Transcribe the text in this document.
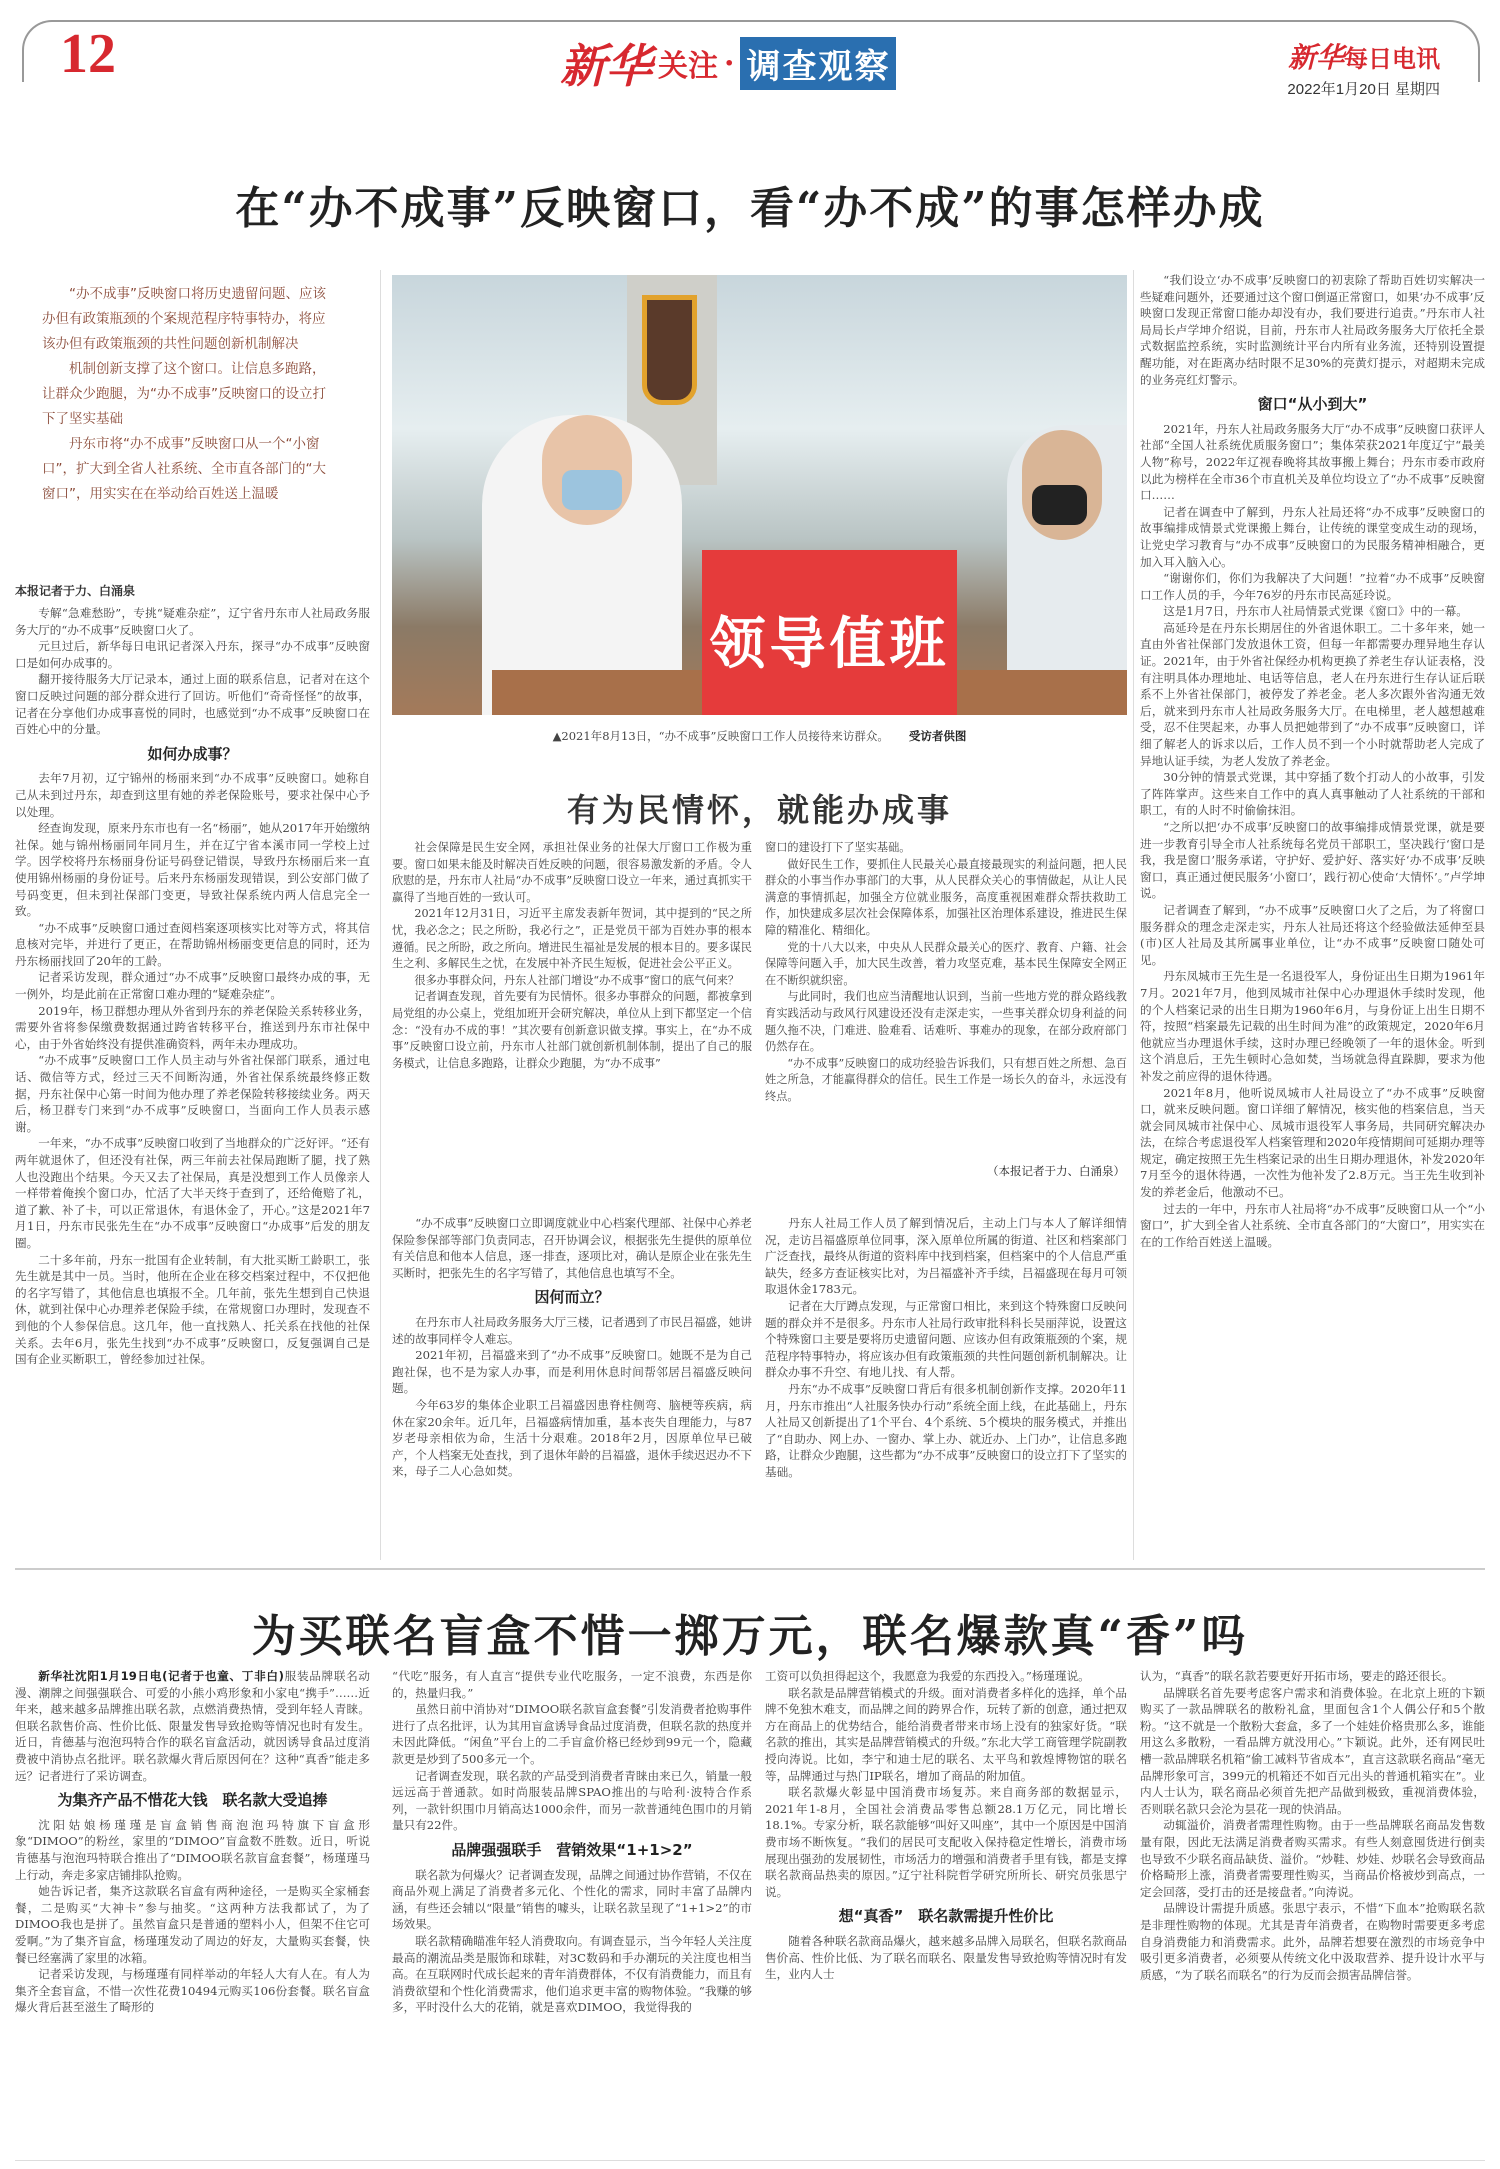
12	新华 关注 · 调查观察	新华每日电讯
2022年1月20日 星期四
在“办不成事”反映窗口，看“办不成”的事怎样办成

“办不成事”反映窗口将历史遗留问题、应该办但有政策瓶颈的个案规范程序特事特办，将应该办但有政策瓶颈的共性问题创新机制解决

机制创新支撑了这个窗口。让信息多跑路，让群众少跑腿，为“办不成事”反映窗口的设立打下了坚实基础

丹东市将“办不成事”反映窗口从一个“小窗口”，扩大到全省人社系统、全市直各部门的“大窗口”，用实实在在举动给百姓送上温暖

本报记者于力、白涌泉

专解“急难愁盼”，专挑“疑难杂症”，辽宁省丹东市人社局政务服务大厅的“办不成事”反映窗口火了。

元旦过后，新华每日电讯记者深入丹东，探寻“办不成事”反映窗口是如何办成事的。

翻开接待服务大厅记录本，通过上面的联系信息，记者对在这个窗口反映过问题的部分群众进行了回访。听他们“奇奇怪怪”的故事，记者在分享他们办成事喜悦的同时，也感觉到“办不成事”反映窗口在百姓心中的分量。

如何办成事？

去年7月初，辽宁锦州的杨丽来到“办不成事”反映窗口。她称自己从未到过丹东，却查到这里有她的养老保险账号，要求社保中心予以处理。

经查询发现，原来丹东市也有一名“杨丽”，她从2017年开始缴纳社保。她与锦州杨丽同年同月生，并在辽宁省本溪市同一学校上过学。因学校将丹东杨丽身份证号码登记错误，导致丹东杨丽后来一直使用锦州杨丽的身份证号。后来丹东杨丽发现错误，到公安部门做了号码变更，但未到社保部门变更，导致社保系统内两人信息完全一致。

“办不成事”反映窗口通过查阅档案逐项核实比对等方式，将其信息核对完毕，并进行了更正，在帮助锦州杨丽变更信息的同时，还为丹东杨丽找回了20年的工龄。

记者采访发现，群众通过“办不成事”反映窗口最终办成的事，无一例外，均是此前在正常窗口难办理的“疑难杂症”。

2019年，杨卫群想办理从外省到丹东的养老保险关系转移业务，需要外省将参保缴费数据通过跨省转移平台，推送到丹东市社保中心，由于外省始终没有提供准确资料，两年未办理成功。

“办不成事”反映窗口工作人员主动与外省社保部门联系，通过电话、微信等方式，经过三天不间断沟通，外省社保系统最终修正数据，丹东社保中心第一时间为他办理了养老保险转移接续业务。两天后，杨卫群专门来到“办不成事”反映窗口，当面向工作人员表示感谢。

一年来，“办不成事”反映窗口收到了当地群众的广泛好评。“还有两年就退休了，但还没有社保，两三年前去社保局跑断了腿，找了熟人也没跑出个结果。今天又去了社保局，真是没想到工作人员像亲人一样带着俺挨个窗口办，忙活了大半天终于查到了，还给俺赔了礼，道了歉、补了卡，可以正常退休，有退休金了，开心。”这是2021年7月1日，丹东市民张先生在“办不成事”反映窗口“办成事”后发的朋友圈。

二十多年前，丹东一批国有企业转制，有大批买断工龄职工，张先生就是其中一员。当时，他所在企业在移交档案过程中，不仅把他的名字写错了，其他信息也填报不全。几年前，张先生想到自己快退休，就到社保中心办理养老保险手续，在常规窗口办理时，发现查不到他的个人参保信息。这几年，他一直找熟人、托关系在找他的社保关系。去年6月，张先生找到“办不成事”反映窗口，反复强调自己是国有企业买断职工，曾经参加过社保。

领导值班
▲2021年8月13日，“办不成事”反映窗口工作人员接待来访群众。 受访者供图
有为民情怀，就能办成事

社会保障是民生安全网，承担社保业务的社保大厅窗口工作极为重要。窗口如果未能及时解决百姓反映的问题，很容易激发新的矛盾。令人欣慰的是，丹东市人社局“办不成事”反映窗口设立一年来，通过真抓实干赢得了当地百姓的一致认可。

2021年12月31日，习近平主席发表新年贺词，其中提到的“民之所忧，我必念之；民之所盼，我必行之”，正是党员干部为百姓办事的根本遵循。民之所盼，政之所向。增进民生福祉是发展的根本目的。要多谋民生之利、多解民生之忧，在发展中补齐民生短板，促进社会公平正义。

很多办事群众问，丹东人社部门增设“办不成事”窗口的底气何来？

记者调查发现，首先要有为民情怀。很多办事群众的问题，都被拿到局党组的办公桌上，党组加班开会研究解决，单位从上到下都坚定一个信念：“没有办不成的事！”其次要有创新意识做支撑。事实上，在“办不成事”反映窗口设立前，丹东市人社部门就创新机制体制，提出了自己的服务模式，让信息多跑路，让群众少跑腿，为“办不成事”

窗口的建设打下了坚实基础。

做好民生工作，要抓住人民最关心最直接最现实的利益问题，把人民群众的小事当作办事部门的大事，从人民群众关心的事情做起，从让人民满意的事情抓起，加强全方位就业服务，高度重视困难群众帮扶救助工作，加快建成多层次社会保障体系，加强社区治理体系建设，推进民生保障的精准化、精细化。

党的十八大以来，中央从人民群众最关心的医疗、教育、户籍、社会保障等问题入手，加大民生改善，着力攻坚克难，基本民生保障安全网正在不断织就织密。

与此同时，我们也应当清醒地认识到，当前一些地方党的群众路线教育实践活动与政风行风建设还没有走深走实，一些事关群众切身利益的问题久拖不决，门难进、脸难看、话难听、事难办的现象，在部分政府部门仍然存在。

“办不成事”反映窗口的成功经验告诉我们，只有想百姓之所想、急百姓之所急，才能赢得群众的信任。民生工作是一场长久的奋斗，永远没有终点。

（本报记者于力、白涌泉）

“办不成事”反映窗口立即调度就业中心档案代理部、社保中心养老保险参保部等部门负责同志，召开协调会议，根据张先生提供的原单位有关信息和他本人信息，逐一排查，逐项比对，确认是原企业在张先生买断时，把张先生的名字写错了，其他信息也填写不全。

因何而立？

在丹东市人社局政务服务大厅三楼，记者遇到了市民吕福盛，她讲述的故事同样令人难忘。

2021年初，吕福盛来到了“办不成事”反映窗口。她既不是为自己跑社保，也不是为家人办事，而是利用休息时间帮邻居吕福盛反映问题。

今年63岁的集体企业职工吕福盛因患脊柱侧弯、脑梗等疾病，病休在家20余年。近几年，吕福盛病情加重，基本丧失自理能力，与87岁老母亲相依为命，生活十分艰难。2018年2月，因原单位早已破产，个人档案无处查找，到了退休年龄的吕福盛，退休手续迟迟办不下来，母子二人心急如焚。

丹东人社局工作人员了解到情况后，主动上门与本人了解详细情况，走访吕福盛原单位同事，深入原单位所属的街道、社区和档案部门广泛查找，最终从街道的资料库中找到档案，但档案中的个人信息严重缺失，经多方查证核实比对，为吕福盛补齐手续，吕福盛现在每月可领取退休金1783元。

记者在大厅蹲点发现，与正常窗口相比，来到这个特殊窗口反映问题的群众并不是很多。丹东市人社局行政审批科科长吴丽萍说，设置这个特殊窗口主要是要将历史遗留问题、应该办但有政策瓶颈的个案，规范程序特事特办，将应该办但有政策瓶颈的共性问题创新机制解决。让群众办事不升空、有地儿找、有人帮。

丹东“办不成事”反映窗口背后有很多机制创新作支撑。2020年11月，丹东市推出“人社服务快办行动”系统全面上线，在此基础上，丹东人社局又创新提出了1个平台、4个系统、5个模块的服务模式，并推出了“自助办、网上办、一窗办、掌上办、就近办、上门办”，让信息多跑路，让群众少跑腿，这些都为“办不成事”反映窗口的设立打下了坚实的基础。

“我们设立‘办不成事’反映窗口的初衷除了帮助百姓切实解决一些疑难问题外，还要通过这个窗口倒逼正常窗口，如果‘办不成事’反映窗口发现正常窗口能办却没有办，我们要进行追责。”丹东市人社局局长卢学坤介绍说，目前，丹东市人社局政务服务大厅依托全景式数据监控系统，实时监测统计平台内所有业务流，还特别设置提醒功能，对在距离办结时限不足30%的亮黄灯提示，对超期未完成的业务亮红灯警示。

窗口“从小到大”

2021年，丹东人社局政务服务大厅“办不成事”反映窗口获评人社部“全国人社系统优质服务窗口”；集体荣获2021年度辽宁“最美人物”称号，2022年辽视春晚将其故事搬上舞台；丹东市委市政府以此为榜样在全市36个市直机关及单位均设立了“办不成事”反映窗口……

记者在调查中了解到，丹东人社局还将“办不成事”反映窗口的故事编排成情景式党课搬上舞台，让传统的课堂变成生动的现场，让党史学习教育与“办不成事”反映窗口的为民服务精神相融合，更加入耳入脑入心。

“谢谢你们，你们为我解决了大问题！”拉着“办不成事”反映窗口工作人员的手，今年76岁的丹东市民高延玲说。

这是1月7日，丹东市人社局情景式党课《窗口》中的一幕。

高延玲是在丹东长期居住的外省退休职工。二十多年来，她一直由外省社保部门发放退休工资，但每一年都需要办理异地生存认证。2021年，由于外省社保经办机构更换了养老生存认证表格，没有注明具体办理地址、电话等信息，老人在丹东进行生存认证后联系不上外省社保部门，被停发了养老金。老人多次跟外省沟通无效后，就来到丹东市人社局政务服务大厅。在电梯里，老人越想越难受，忍不住哭起来，办事人员把她带到了“办不成事”反映窗口，详细了解老人的诉求以后，工作人员不到一个小时就帮助老人完成了异地认证手续，为老人发放了养老金。

30分钟的情景式党课，其中穿插了数个打动人的小故事，引发了阵阵掌声。这些来自工作中的真人真事触动了人社系统的干部和职工，有的人时不时偷偷抹泪。

“之所以把‘办不成事’反映窗口的故事编排成情景党课，就是要进一步教育引导全市人社系统每名党员干部职工，坚决践行‘窗口是我，我是窗口’服务承诺，守护好、爱护好、落实好‘办不成事’反映窗口，真正通过便民服务‘小窗口’，践行初心使命‘大情怀’。”卢学坤说。

记者调查了解到，“办不成事”反映窗口火了之后，为了将窗口服务群众的理念走深走实，丹东人社局还将这个经验做法延伸至县(市)区人社局及其所属事业单位，让“办不成事”反映窗口随处可见。

丹东凤城市王先生是一名退役军人，身份证出生日期为1961年7月。2021年7月，他到凤城市社保中心办理退休手续时发现，他的个人档案记录的出生日期为1960年6月，与身份证上出生日期不符，按照“档案最先记载的出生时间为准”的政策规定，2020年6月他就应当办理退休手续，这时办理已经晚领了一年的退休金。听到这个消息后，王先生顿时心急如焚，当场就急得直跺脚，要求为他补发之前应得的退休待遇。

2021年8月，他听说凤城市人社局设立了“办不成事”反映窗口，就来反映问题。窗口详细了解情况，核实他的档案信息，当天就会同凤城市社保中心、凤城市退役军人事务局，共同研究解决办法，在综合考虑退役军人档案管理和2020年疫情期间可延期办理等规定，确定按照王先生档案记录的出生日期办理退休，补发2020年7月至今的退休待遇，一次性为他补发了2.8万元。当王先生收到补发的养老金后，他激动不已。

过去的一年中，丹东市人社局将“办不成事”反映窗口从一个“小窗口”，扩大到全省人社系统、全市直各部门的“大窗口”，用实实在在的工作给百姓送上温暖。

为买联名盲盒不惜一掷万元，联名爆款真“香”吗

新华社沈阳1月19日电(记者于也童、丁非白)服装品牌联名动漫、潮牌之间强强联合、可爱的小熊小鸡形象和小家电“携手”……近年来，越来越多品牌推出联名款，点燃消费热情，受到年轻人青睐。但联名款售价高、性价比低、限量发售导致抢购等情况也时有发生。近日，肯德基与泡泡玛特合作的联名盲盒活动，就因诱导食品过度消费被中消协点名批评。联名款爆火背后原因何在？这种“真香”能走多远？记者进行了采访调查。

为集齐产品不惜花大钱　联名款大受追捧

沈阳姑娘杨瑾瑾是盲盒销售商泡泡玛特旗下盲盒形象“DIMOO”的粉丝，家里的“DIMOO”盲盒数不胜数。近日，听说肯德基与泡泡玛特联合推出了“DIMOO联名款盲盒套餐”，杨瑾瑾马上行动，奔走多家店铺排队抢购。

她告诉记者，集齐这款联名盲盒有两种途径，一是购买全家桶套餐，二是购买“大神卡”参与抽奖。“这两种方法我都试了，为了DIMOO我也是拼了。虽然盲盒只是普通的塑料小人，但架不住它可爱啊。”为了集齐盲盒，杨瑾瑾发动了周边的好友，大量购买套餐，快餐已经塞满了家里的冰箱。

记者采访发现，与杨瑾瑾有同样举动的年轻人大有人在。有人为集齐全套盲盒，不惜一次性花费10494元购买106份套餐。联名盲盒爆火背后甚至滋生了畸形的

“代吃”服务，有人直言“提供专业代吃服务，一定不浪费，东西是你的，热量归我。”

虽然日前中消协对“DIMOO联名款盲盒套餐”引发消费者抢购事件进行了点名批评，认为其用盲盒诱导食品过度消费，但联名款的热度并未因此降低。“闲鱼”平台上的二手盲盒价格已经炒到99元一个，隐藏款更是炒到了500多元一个。

记者调查发现，联名款的产品受到消费者青睐由来已久，销量一般远远高于普通款。如时尚服装品牌SPAO推出的与哈利·波特合作系列，一款针织围巾月销高达1000余件，而另一款普通纯色围巾的月销量只有22件。

品牌强强联手　营销效果“1+1>2”

联名款为何爆火？记者调查发现，品牌之间通过协作营销，不仅在商品外观上满足了消费者多元化、个性化的需求，同时丰富了品牌内涵，有些还会辅以“限量”销售的噱头，让联名款呈现了“1+1>2”的市场效果。

联名款精确瞄准年轻人消费取向。有调查显示，当今年轻人关注度最高的潮流品类是服饰和球鞋，对3C数码和手办潮玩的关注度也相当高。在互联网时代成长起来的青年消费群体，不仅有消费能力，而且有消费欲望和个性化消费需求，他们追求更丰富的购物体验。“我赚的够多，平时没什么大的花销，就是喜欢DIMOO，我觉得我的

工资可以负担得起这个，我愿意为我爱的东西投入。”杨瑾瑾说。

联名款是品牌营销模式的升级。面对消费者多样化的选择，单个品牌不免独木难支，而品牌之间的跨界合作，玩转了新的创意，通过把双方在商品上的优势结合，能给消费者带来市场上没有的独家好货。“联名款的推出，其实是品牌营销模式的升级。”东北大学工商管理学院副教授向涛说。比如，李宁和迪士尼的联名、太平鸟和敦煌博物馆的联名等，品牌通过与热门IP联名，增加了商品的附加值。

联名款爆火彰显中国消费市场复苏。来自商务部的数据显示，2021年1-8月，全国社会消费品零售总额28.1万亿元，同比增长18.1%。专家分析，联名款能够“叫好又叫座”，其中一个原因是中国消费市场不断恢复。“我们的居民可支配收入保持稳定性增长，消费市场展现出强劲的发展韧性，市场活力的增强和消费者手里有钱，都是支撑联名款商品热卖的原因。”辽宁社科院哲学研究所所长、研究员张思宁说。

想“真香”　联名款需提升性价比

随着各种联名款商品爆火，越来越多品牌入局联名，但联名款商品售价高、性价比低、为了联名而联名、限量发售导致抢购等情况时有发生，业内人士

认为，“真香”的联名款若要更好开拓市场，要走的路还很长。

品牌联名首先要考虑客户需求和消费体验。在北京上班的卞颖购买了一款品牌联名的散粉礼盒，里面包含1个人偶公仔和5个散粉。“这不就是一个散粉大套盒，多了一个娃娃价格贵那么多，谁能用这么多散粉，一看品牌方就没用心。”卞颖说。此外，还有网民吐槽一款品牌联名机箱“偷工减料节省成本”，直言这款联名商品“毫无品牌形象可言，399元的机箱还不如百元出头的普通机箱实在”。业内人士认为，联名商品必须首先把产品做到极致，重视消费体验，否则联名款只会沦为昙花一现的快消品。

动辄溢价，消费者需理性购物。由于一些品牌联名商品发售数量有限，因此无法满足消费者购买需求。有些人刻意囤货进行倒卖也导致不少联名商品缺货、溢价。“炒鞋、炒娃、炒联名会导致商品价格畸形上涨，消费者需要理性购买，当商品价格被炒到高点，一定会回落，受打击的还是接盘者。”向涛说。

品牌设计需提升质感。张思宁表示，不惜“下血本”抢购联名款是非理性购物的体现。尤其是青年消费者，在购物时需要更多考虑自身消费能力和消费需求。此外，品牌若想要在激烈的市场竞争中吸引更多消费者，必须要从传统文化中汲取营养、提升设计水平与质感，“为了联名而联名”的行为反而会损害品牌信誉。
